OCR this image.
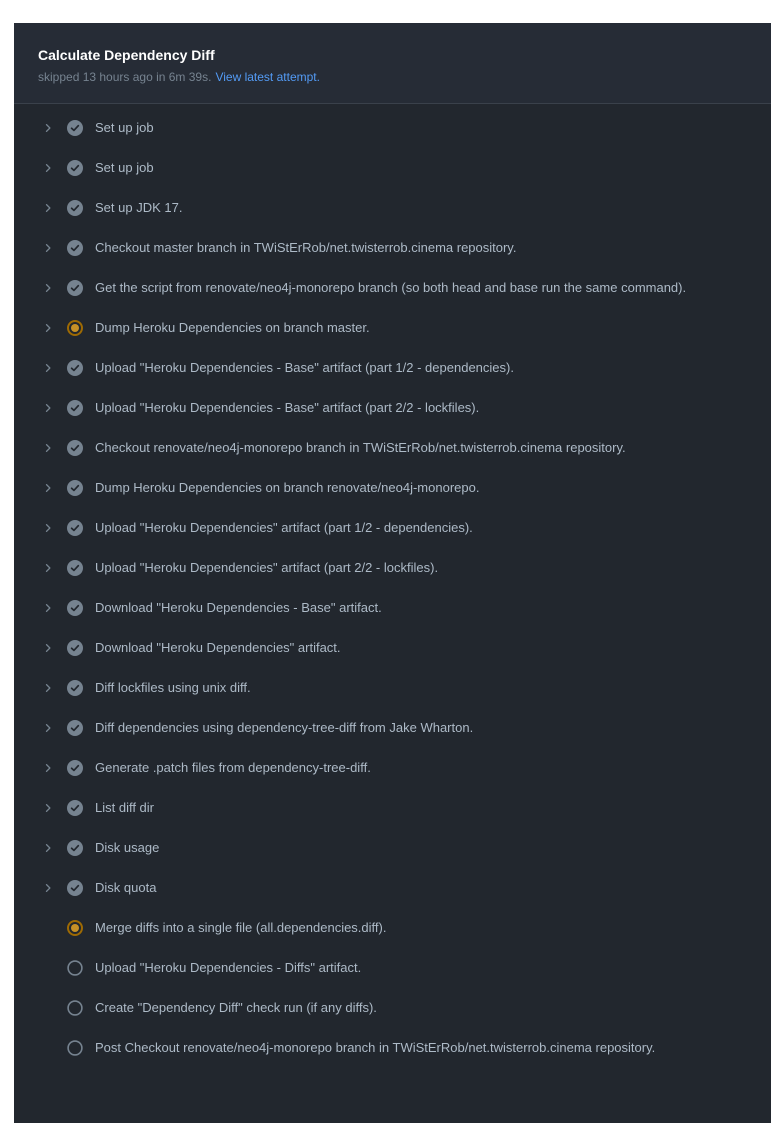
Calculate Dependency Diff
skipped 13 hours ago in 6m 39s. View latest attempt.
Set up job
Set up job
Set up JDK 17.
Checkout master branch in TWiStErRob/net.twisterrob.cinema repository.
Get the script from renovate/neo4j-monorepo branch (so both head and base run the same command).
Dump Heroku Dependencies on branch master.
Upload "Heroku Dependencies - Base" artifact (part 1/2 - dependencies).
Upload "Heroku Dependencies - Base" artifact (part 2/2 - lockfiles).
Checkout renovate/neo4j-monorepo branch in TWiStErRob/net.twisterrob.cinema repository.
Dump Heroku Dependencies on branch renovate/neo4j-monorepo.
Upload "Heroku Dependencies" artifact (part 1/2 - dependencies).
Upload "Heroku Dependencies" artifact (part 2/2 - lockfiles).
Download "Heroku Dependencies - Base" artifact.
Download "Heroku Dependencies" artifact.
Diff lockfiles using unix diff.
Diff dependencies using dependency-tree-diff from Jake Wharton.
Generate .patch files from dependency-tree-diff.
List diff dir
Disk usage
Disk quota
Merge diffs into a single file (all.dependencies.diff).
Upload "Heroku Dependencies - Diffs" artifact.
Create "Dependency Diff" check run (if any diffs).
Post Checkout renovate/neo4j-monorepo branch in TWiStErRob/net.twisterrob.cinema repository.
